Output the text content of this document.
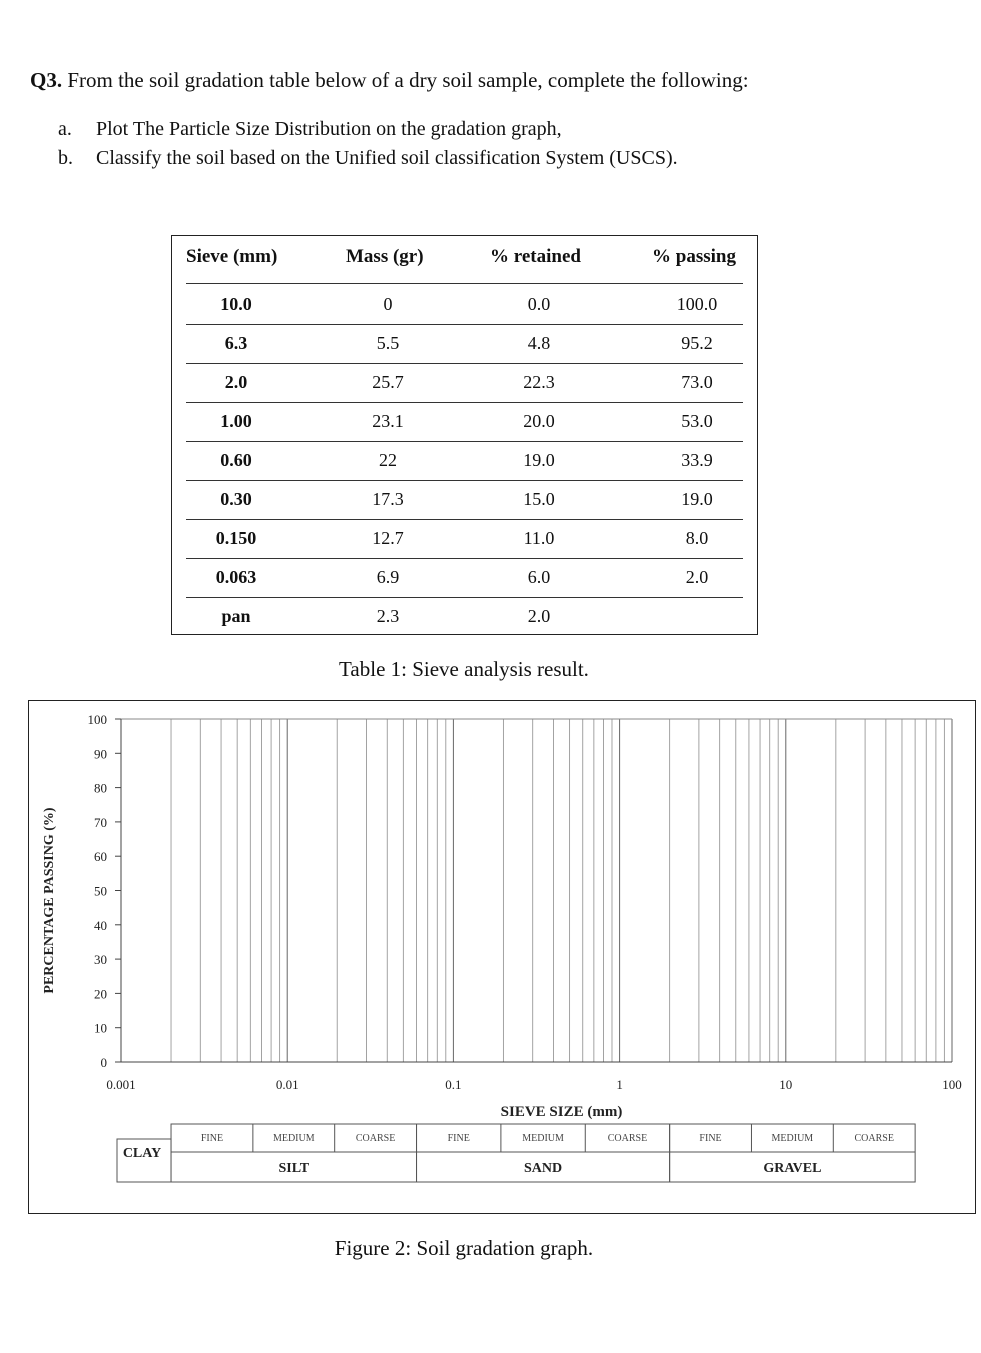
Q3. From the soil gradation table below of a dry soil sample, complete the following:
a. Plot The Particle Size Distribution on the gradation graph,
b. Classify the soil based on the Unified soil classification System (USCS).
Sieve (mm)	Mass (gr)	% retained	% passing
10.0	0	0.0	100.0
6.3	5.5	4.8	95.2
2.0	25.7	22.3	73.0
1.00	23.1	20.0	53.0
0.60	22	19.0	33.9
0.30	17.3	15.0	19.0
0.150	12.7	11.0	8.0
0.063	6.9	6.0	2.0
pan	2.3	2.0
Table 1: Sieve analysis result.
0
10
20
30
40
50
60
70
80
90
100
0.001	0.01	0.1	1	10	100
SIEVE SIZE (mm)
PERCENTAGE PASSING (%)
CLAY
FINE	MEDIUM	COARSE
SILT
FINE	MEDIUM	COARSE
SAND
FINE	MEDIUM	COARSE
GRAVEL
Figure 2: Soil gradation graph.
